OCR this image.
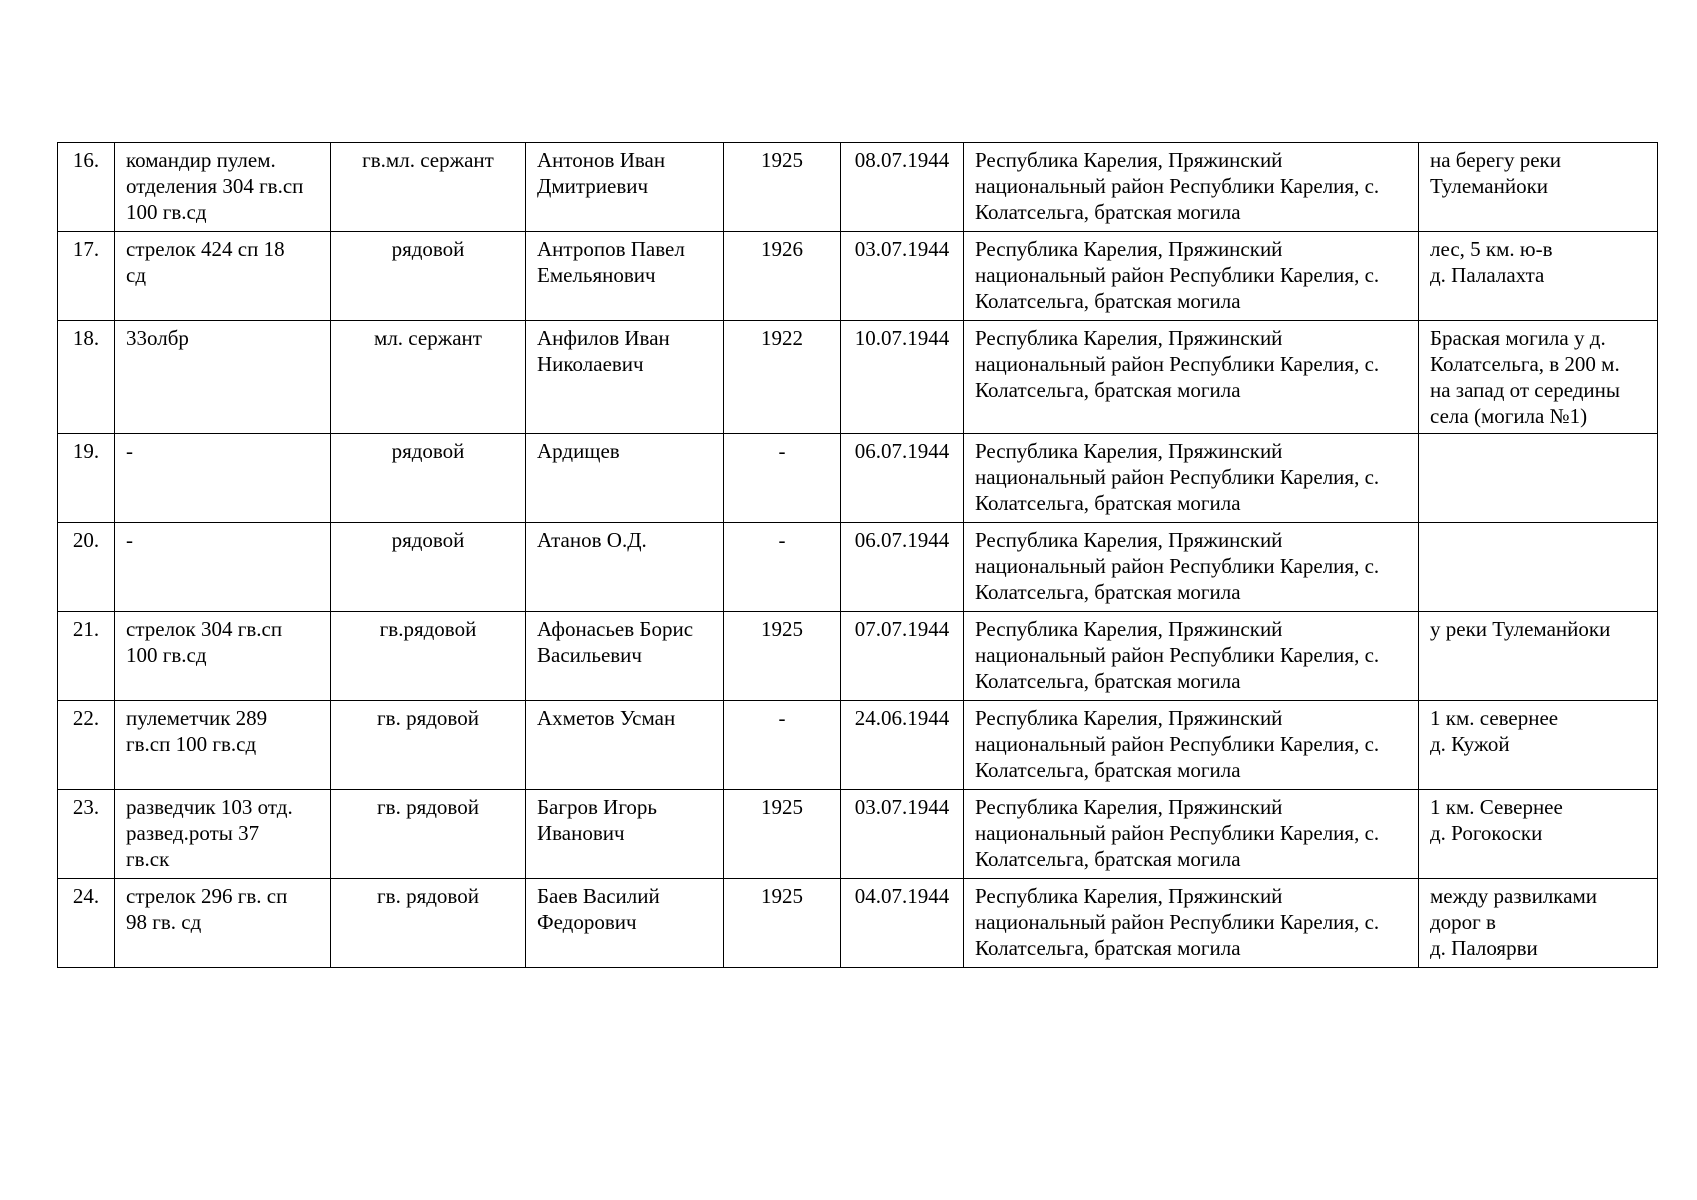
16.	командир пулем.
отделения 304 гв.сп
100 гв.сд	гв.мл. сержант	Антонов Иван
Дмитриевич	1925	08.07.1944	Республика Карелия, Пряжинский
национальный район Республики Карелия, с.
Колатсельга, братская могила	на берегу реки
Тулеманйоки
17.	стрелок 424 сп 18
сд	рядовой	Антропов Павел
Емельянович	1926	03.07.1944	Республика Карелия, Пряжинский
национальный район Республики Карелия, с.
Колатсельга, братская могила	лес, 5 км. ю-в
д. Палалахта
18.	33олбр	мл. сержант	Анфилов Иван
Николаевич	1922	10.07.1944	Республика Карелия, Пряжинский
национальный район Республики Карелия, с.
Колатсельга, братская могила	Браская могила у д.
Колатсельга, в 200 м.
на запад от середины
села (могила №1)
19.	-	рядовой	Ардищев	-	06.07.1944	Республика Карелия, Пряжинский
национальный район Республики Карелия, с.
Колатсельга, братская могила	
20.	-	рядовой	Атанов О.Д.	-	06.07.1944	Республика Карелия, Пряжинский
национальный район Республики Карелия, с.
Колатсельга, братская могила	
21.	стрелок 304 гв.сп
100 гв.сд	гв.рядовой	Афонасьев Борис
Васильевич	1925	07.07.1944	Республика Карелия, Пряжинский
национальный район Республики Карелия, с.
Колатсельга, братская могила	у реки Тулеманйоки
22.	пулеметчик 289
гв.сп 100 гв.сд	гв. рядовой	Ахметов Усман	-	24.06.1944	Республика Карелия, Пряжинский
национальный район Республики Карелия, с.
Колатсельга, братская могила	1 км. севернее
д. Кужой
23.	разведчик 103 отд.
развед.роты 37
гв.ск	гв. рядовой	Багров Игорь
Иванович	1925	03.07.1944	Республика Карелия, Пряжинский
национальный район Республики Карелия, с.
Колатсельга, братская могила	1 км. Севернее
д. Рогокоски
24.	стрелок 296 гв. сп
98 гв. сд	гв. рядовой	Баев Василий
Федорович	1925	04.07.1944	Республика Карелия, Пряжинский
национальный район Республики Карелия, с.
Колатсельга, братская могила	между развилками
дорог в
д. Палоярви
